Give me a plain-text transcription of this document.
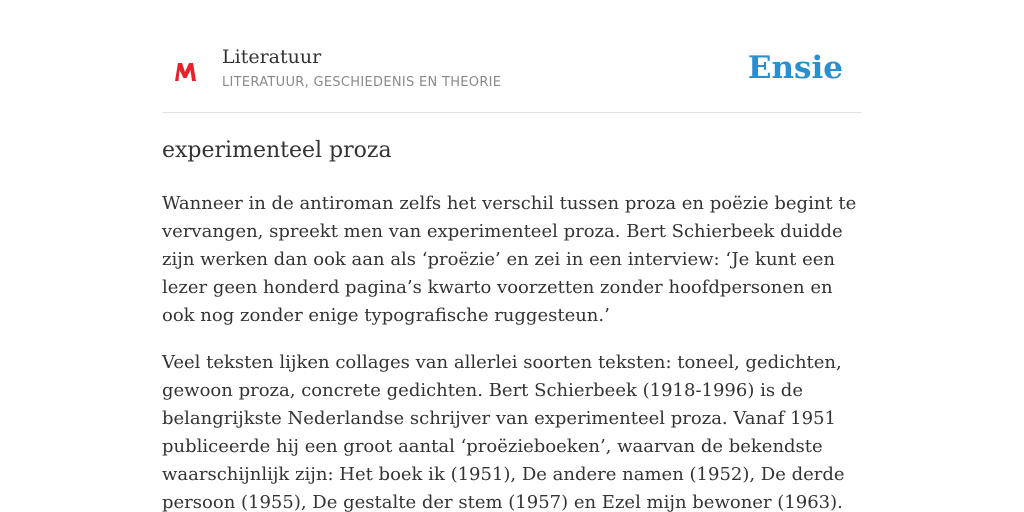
Literatuur
LITERATUUR, GESCHIEDENIS EN THEORIE	Ensie
experimenteel proza

Wanneer in de antiroman zelfs het verschil tussen proza en poëzie begint te vervangen, spreekt men van experimenteel proza. Bert Schierbeek duidde zijn werken dan ook aan als ‘proëzie’ en zei in een interview: ‘Je kunt een lezer geen honderd pagina’s kwarto voorzetten zonder hoofdpersonen en ook nog zonder enige typografische ruggesteun.’

Veel teksten lijken collages van allerlei soorten teksten: toneel, gedichten, gewoon proza, concrete gedichten. Bert Schierbeek (1918-1996) is de belangrijkste Nederlandse schrijver van experimenteel proza. Vanaf 1951 publiceerde hij een groot aantal ‘proëzieboeken’, waarvan de bekendste waarschijnlijk zijn: Het boek ik (1951), De andere namen (1952), De derde persoon (1955), De gestalte der stem (1957) en Ezel mijn bewoner (1963).
